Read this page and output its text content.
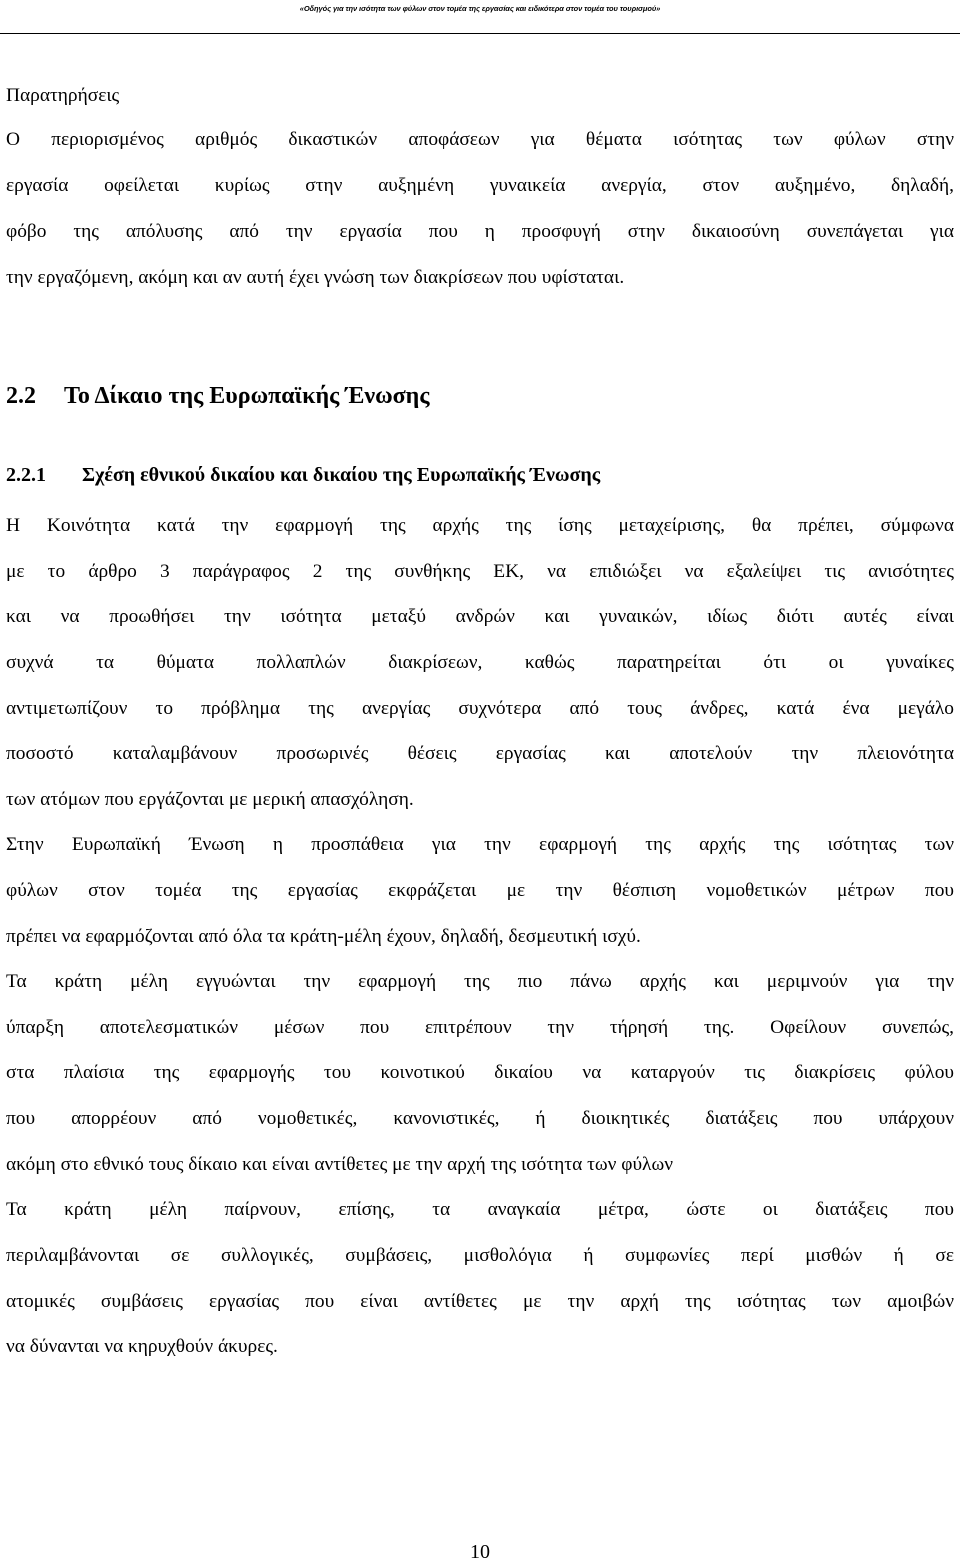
«Οδηγός για την ισότητα των φύλων στον τομέα της εργασίας και ειδικότερα στον τομέα του τουρισμού»
Παρατηρήσεις
Ο περιορισμένος αριθμός δικαστικών αποφάσεων για θέματα ισότητας των φύλων στην
εργασία οφείλεται κυρίως στην αυξημένη γυναικεία ανεργία, στον αυξημένο, δηλαδή,
φόβο της απόλυσης από την εργασία που η προσφυγή στην δικαιοσύνη συνεπάγεται για
την εργαζόμενη, ακόμη και αν αυτή έχει γνώση των διακρίσεων που υφίσταται.
2.2 Το Δίκαιο της Ευρωπαϊκής Ένωσης
2.2.1 Σχέση εθνικού δικαίου και δικαίου της Ευρωπαϊκής Ένωσης
Η Κοινότητα κατά την εφαρμογή της αρχής της ίσης μεταχείρισης, θα πρέπει, σύμφωνα
με το άρθρο 3 παράγραφος 2 της συνθήκης ΕΚ, να επιδιώξει να εξαλείψει τις ανισότητες
και να προωθήσει την ισότητα μεταξύ ανδρών και γυναικών, ιδίως διότι αυτές είναι
συχνά τα θύματα πολλαπλών διακρίσεων, καθώς παρατηρείται ότι οι γυναίκες
αντιμετωπίζουν το πρόβλημα της ανεργίας συχνότερα από τους άνδρες, κατά ένα μεγάλο
ποσοστό καταλαμβάνουν προσωρινές θέσεις εργασίας και αποτελούν την πλειονότητα
των ατόμων που εργάζονται με μερική απασχόληση.
Στην Ευρωπαϊκή Ένωση η προσπάθεια για την εφαρμογή της αρχής της ισότητας των
φύλων στον τομέα της εργασίας εκφράζεται με την θέσπιση νομοθετικών μέτρων που
πρέπει να εφαρμόζονται από όλα τα κράτη-μέλη έχουν, δηλαδή, δεσμευτική ισχύ.
Τα κράτη μέλη εγγυώνται την εφαρμογή της πιο πάνω αρχής και μεριμνούν για την
ύπαρξη αποτελεσματικών μέσων που επιτρέπουν την τήρησή της. Οφείλουν συνεπώς,
στα πλαίσια της εφαρμογής του κοινοτικού δικαίου να καταργούν τις διακρίσεις φύλου
που απορρέουν από νομοθετικές, κανονιστικές, ή διοικητικές διατάξεις που υπάρχουν
ακόμη στο εθνικό τους δίκαιο και είναι αντίθετες με την αρχή της ισότητα των φύλων
Τα κράτη μέλη παίρνουν, επίσης, τα αναγκαία μέτρα, ώστε οι διατάξεις που
περιλαμβάνονται σε συλλογικές, συμβάσεις, μισθολόγια ή συμφωνίες περί μισθών ή σε
ατομικές συμβάσεις εργασίας που είναι αντίθετες με την αρχή της ισότητας των αμοιβών
να δύνανται να κηρυχθούν άκυρες.
10
